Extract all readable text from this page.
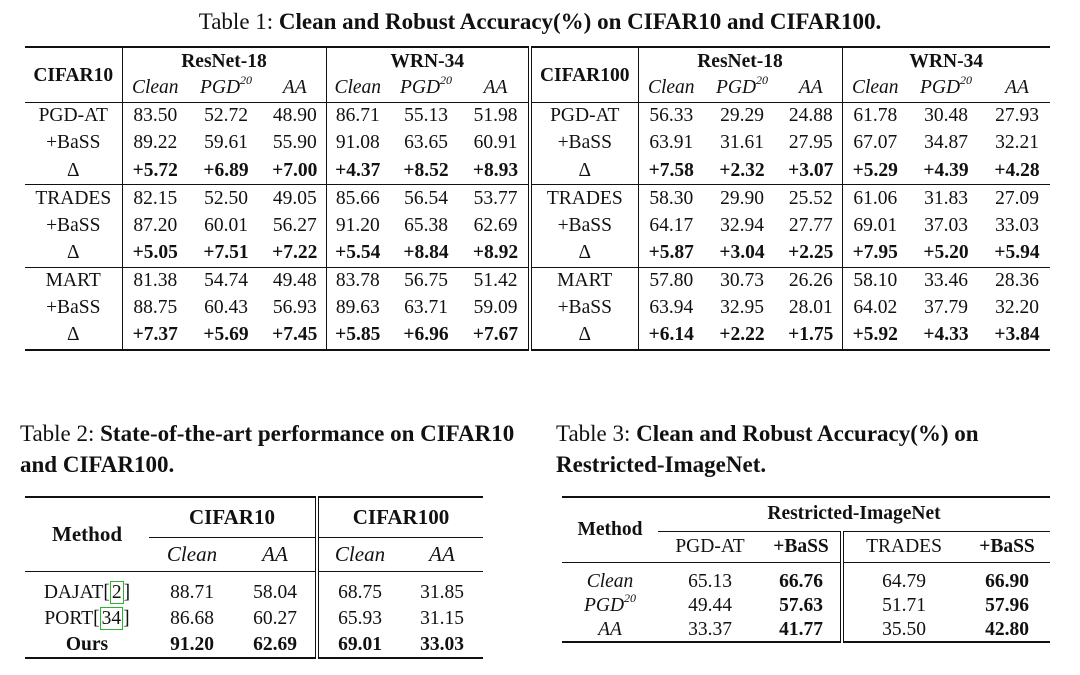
Table 1: Clean and Robust Accuracy(%) on CIFAR10 and CIFAR100.
CIFAR10	ResNet-18			WRN-34			CIFAR100	ResNet-18			WRN-34		
	Clean	PGD$^{20}$	AA	Clean	PGD$^{20}$	AA		Clean	PGD$^{20}$	AA	Clean	PGD$^{20}$	AA
PGD-AT	83.50	52.72	48.90	86.71	55.13	51.98	PGD-AT	56.33	29.29	24.88	61.78	30.48	27.93
+BaSS	89.22	59.61	55.90	91.08	63.65	60.91	+BaSS	63.91	31.61	27.95	67.07	34.87	32.21
Δ	+5.72	+6.89	+7.00	+4.37	+8.52	+8.93	Δ	+7.58	+2.32	+3.07	+5.29	+4.39	+4.28
TRADES	82.15	52.50	49.05	85.66	56.54	53.77	TRADES	58.30	29.90	25.52	61.06	31.83	27.09
+BaSS	87.20	60.01	56.27	91.20	65.38	62.69	+BaSS	64.17	32.94	27.77	69.01	37.03	33.03
Δ	+5.05	+7.51	+7.22	+5.54	+8.84	+8.92	Δ	+5.87	+3.04	+2.25	+7.95	+5.20	+5.94
MART	81.38	54.74	49.48	83.78	56.75	51.42	MART	57.80	30.73	26.26	58.10	33.46	28.36
+BaSS	88.75	60.43	56.93	89.63	63.71	59.09	+BaSS	63.94	32.95	28.01	64.02	37.79	32.20
Δ	+7.37	+5.69	+7.45	+5.85	+6.96	+7.67	Δ	+6.14	+2.22	+1.75	+5.92	+4.33	+3.84
Table 2: State-of-the-art performance on CIFAR10 and CIFAR100.
Method	CIFAR10		CIFAR100	
	Clean	AA	Clean	AA

DAJAT[ 2 ]	88.71	58.04	68.75	31.85
PORT[ 34 ]	86.68	60.27	65.93	31.15
Ours	91.20	62.69	69.01	33.03
Table 3: Clean and Robust Accuracy(%) on Restricted-ImageNet.
Method	Restricted-ImageNet			
	PGD-AT	+BaSS	TRADES	+BaSS

Clean	65.13	66.76	64.79	66.90
PGD$^{20}$	49.44	57.63	51.71	57.96
AA	33.37	41.77	35.50	42.80
